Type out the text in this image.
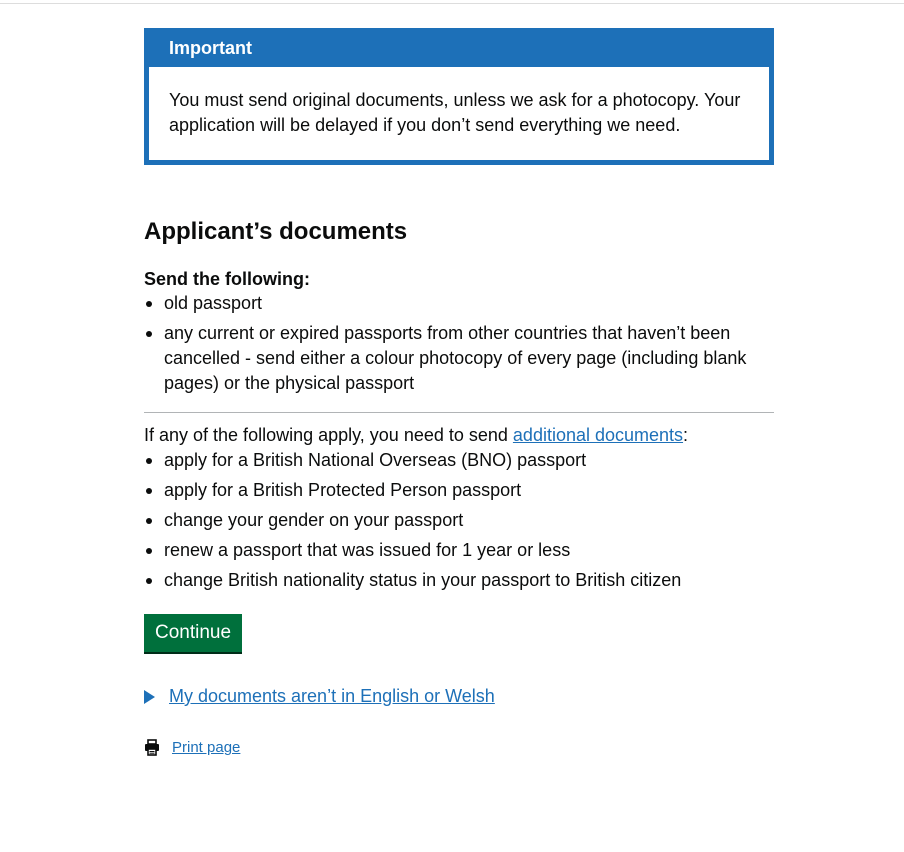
Important
You must send original documents, unless we ask for a photocopy. Your application will be delayed if you don’t send everything we need.
Applicant’s documents

Send the following:

old passport
any current or expired passports from other countries that haven’t been cancelled - send either a colour photocopy of every page (including blank pages) or the physical passport

If any of the following apply, you need to send additional documents:

apply for a British National Overseas (BNO) passport
apply for a British Protected Person passport
change your gender on your passport
renew a passport that was issued for 1 year or less
change British nationality status in your passport to British citizen
Continue
My documents aren’t in English or Welsh
Print page
